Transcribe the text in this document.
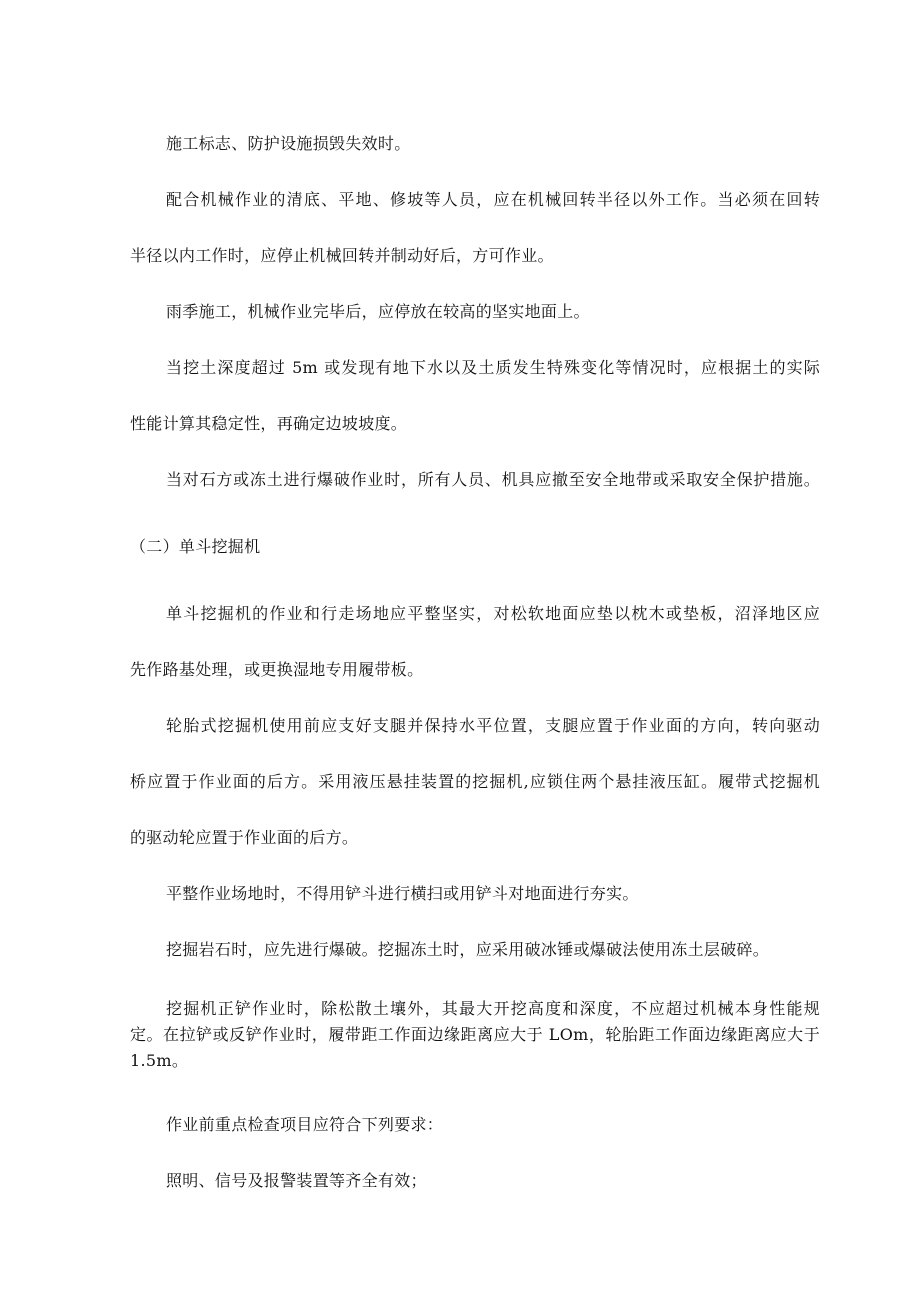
施工标志、防护设施损毁失效时。
配合机械作业的清底、平地、修坡等人员，应在机械回转半径以外工作。当必须在回转
半径以内工作时，应停止机械回转并制动好后，方可作业。
雨季施工，机械作业完毕后，应停放在较高的坚实地面上。
当挖土深度超过 5m 或发现有地下水以及土质发生特殊变化等情况时，应根据土的实际
性能计算其稳定性，再确定边坡坡度。
当对石方或冻土进行爆破作业时，所有人员、机具应撤至安全地带或采取安全保护措施。
（二）单斗挖掘机
单斗挖掘机的作业和行走场地应平整坚实，对松软地面应垫以枕木或垫板，沼泽地区应
先作路基处理，或更换湿地专用履带板。
轮胎式挖掘机使用前应支好支腿并保持水平位置，支腿应置于作业面的方向，转向驱动
桥应置于作业面的后方。采用液压悬挂装置的挖掘机,应锁住两个悬挂液压缸。履带式挖掘机
的驱动轮应置于作业面的后方。
平整作业场地时，不得用铲斗进行横扫或用铲斗对地面进行夯实。
挖掘岩石时，应先进行爆破。挖掘冻土时，应采用破冰锤或爆破法使用冻土层破碎。
挖掘机正铲作业时，除松散土壤外，其最大开挖高度和深度，不应超过机械本身性能规
定。在拉铲或反铲作业时，履带距工作面边缘距离应大于 LOm，轮胎距工作面边缘距离应大于
1.5m。
作业前重点检查项目应符合下列要求：
照明、信号及报警装置等齐全有效；
